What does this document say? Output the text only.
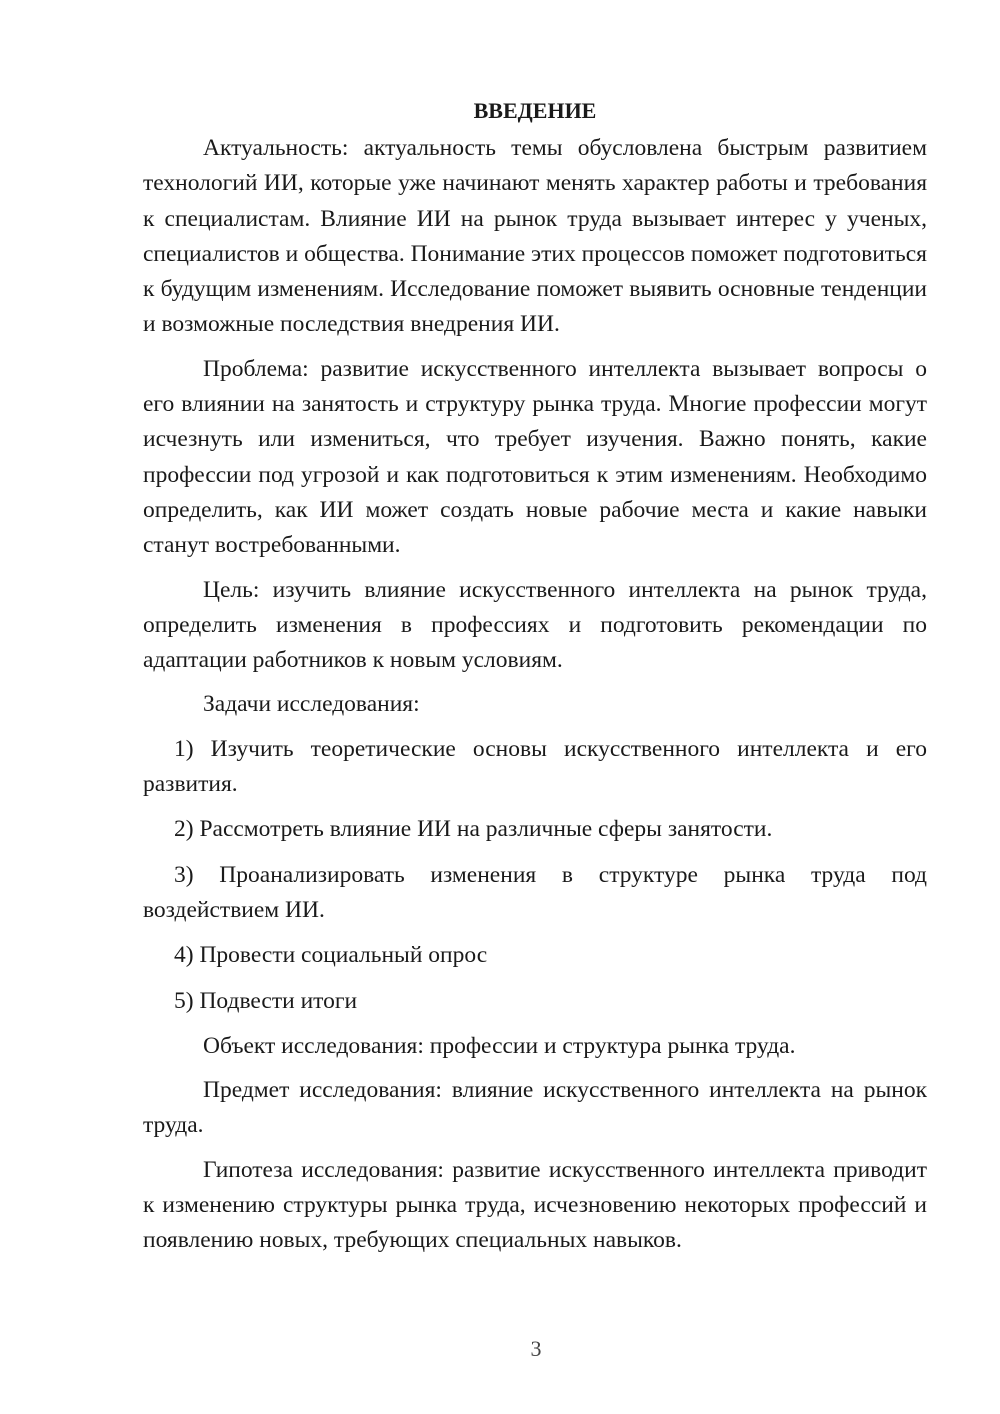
ВВЕДЕНИЕ

Актуальность: актуальность темы обусловлена быстрым развитием технологий ИИ, которые уже начинают менять характер работы и требования к специалистам. Влияние ИИ на рынок труда вызывает интерес у ученых, специалистов и общества. Понимание этих процессов поможет подготовиться к будущим изменениям. Исследование поможет выявить основные тенденции и возможные последствия внедрения ИИ.

Проблема: развитие искусственного интеллекта вызывает вопросы о его влиянии на занятость и структуру рынка труда. Многие профессии могут исчезнуть или измениться, что требует изучения. Важно понять, какие профессии под угрозой и как подготовиться к этим изменениям. Необходимо определить, как ИИ может создать новые рабочие места и какие навыки станут востребованными.

Цель: изучить влияние искусственного интеллекта на рынок труда, определить изменения в профессиях и подготовить рекомендации по адаптации работников к новым условиям.

Задачи исследования:

1) Изучить теоретические основы искусственного интеллекта и его развития.

2) Рассмотреть влияние ИИ на различные сферы занятости.

3) Проанализировать изменения в структуре рынка труда под воздействием ИИ.

4) Провести социальный опрос

5) Подвести итоги

Объект исследования: профессии и структура рынка труда.

Предмет исследования: влияние искусственного интеллекта на рынок труда.

Гипотеза исследования: развитие искусственного интеллекта приводит к изменению структуры рынка труда, исчезновению некоторых профессий и появлению новых, требующих специальных навыков.

3
